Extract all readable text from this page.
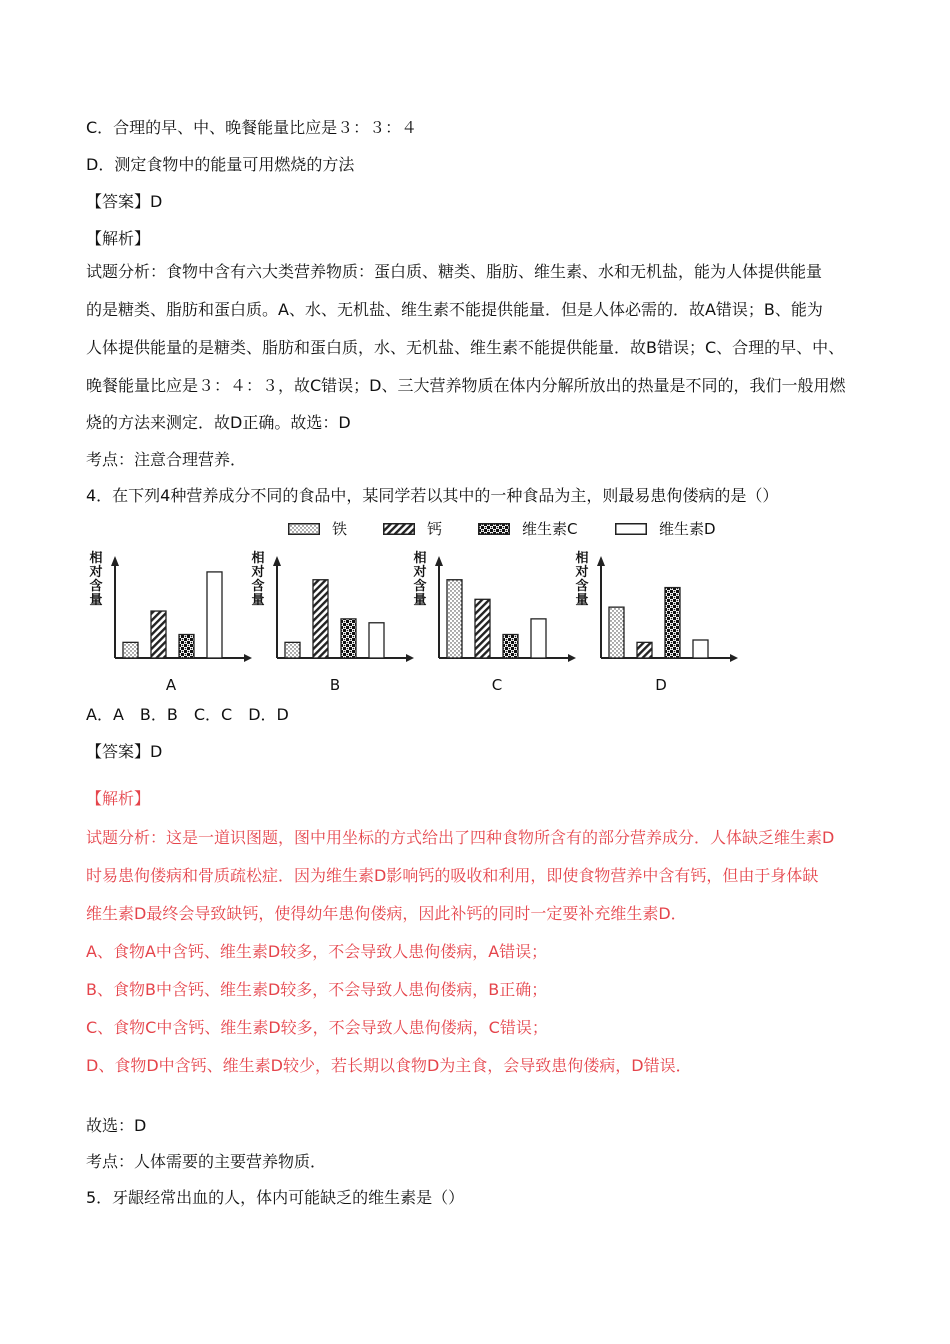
C．合理的早、中、晚餐能量比应是３：３：４
D．测定食物中的能量可用燃烧的方法
【答案】D
【解析】
试题分析：食物中含有六大类营养物质：蛋白质、糖类、脂肪、维生素、水和无机盐，能为人体提供能量
的是糖类、脂肪和蛋白质。A、水、无机盐、维生素不能提供能量．但是人体必需的．故A错误；B、能为
人体提供能量的是糖类、脂肪和蛋白质，水、无机盐、维生素不能提供能量．故B错误；C、合理的早、中、
晚餐能量比应是３：４：３，故C错误；D、三大营养物质在体内分解所放出的热量是不同的，我们一般用燃
烧的方法来测定．故D正确。故选：D
考点：注意合理营养．
4．在下列4种营养成分不同的食品中，某同学若以其中的一种食品为主，则最易患佝偻病的是（）
铁	钙	维生素C	维生素D
相
对
含
量
A
相
对
含
量
B
相
对
含
量
C
相
对
含
量
D
A．A　B．B　C．C　D．D
【答案】D
【解析】
试题分析：这是一道识图题，图中用坐标的方式给出了四种食物所含有的部分营养成分．人体缺乏维生素D
时易患佝偻病和骨质疏松症．因为维生素D影响钙的吸收和利用，即使食物营养中含有钙，但由于身体缺
维生素D最终会导致缺钙，使得幼年患佝偻病，因此补钙的同时一定要补充维生素D．
A、食物A中含钙、维生素D较多，不会导致人患佝偻病，A错误；
B、食物B中含钙、维生素D较多，不会导致人患佝偻病，B正确；
C、食物C中含钙、维生素D较多，不会导致人患佝偻病，C错误；
D、食物D中含钙、维生素D较少，若长期以食物D为主食，会导致患佝偻病，D错误．
故选：D
考点：人体需要的主要营养物质．
5．牙龈经常出血的人，体内可能缺乏的维生素是（）
